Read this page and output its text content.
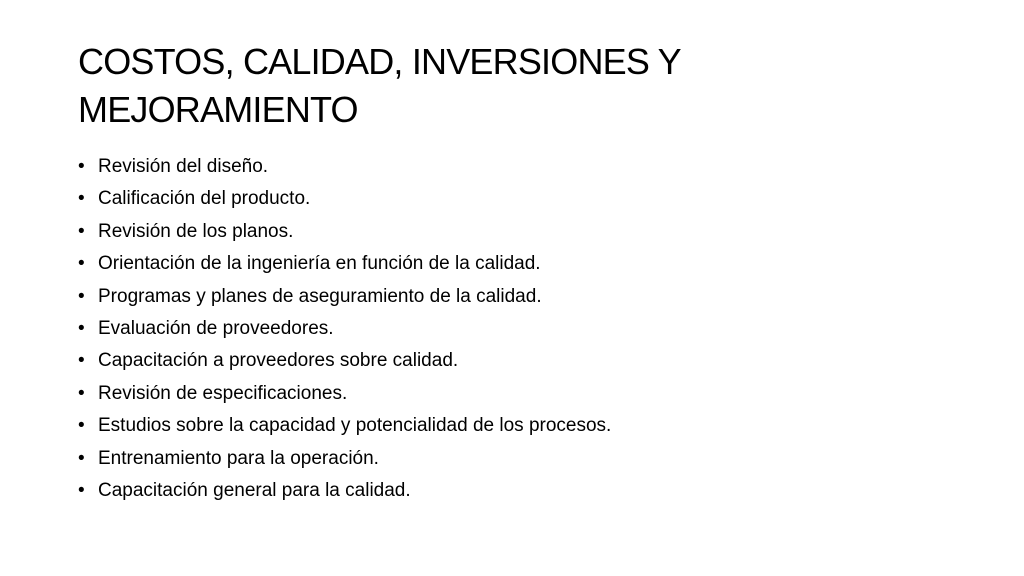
COSTOS, CALIDAD, INVERSIONES Y
MEJORAMIENTO
• Revisión del diseño.
• Calificación del producto.
• Revisión de los planos.
• Orientación de la ingeniería en función de la calidad.
• Programas y planes de aseguramiento de la calidad.
• Evaluación de proveedores.
• Capacitación a proveedores sobre calidad.
• Revisión de especificaciones.
• Estudios sobre la capacidad y potencialidad de los procesos.
• Entrenamiento para la operación.
• Capacitación general para la calidad.
